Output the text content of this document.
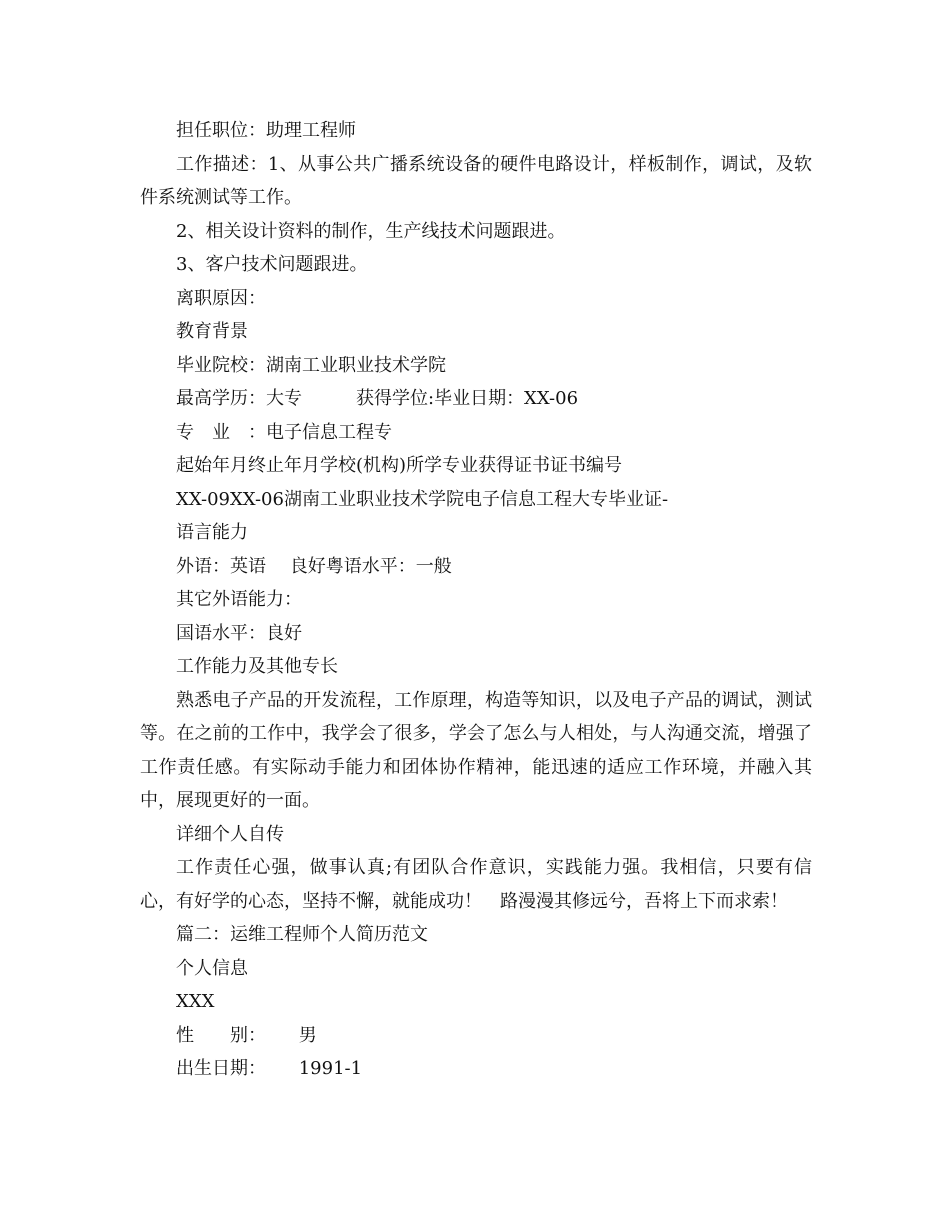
担任职位：助理工程师

工作描述：1、从事公共广播系统设备的硬件电路设计，样板制作，调试，及软件系统测试等工作。

2、相关设计资料的制作，生产线技术问题跟进。

3、客户技术问题跟进。

离职原因：

教育背景

毕业院校：湖南工业职业技术学院

最高学历：大专　　　获得学位:毕业日期：XX-06

专　业　：电子信息工程专

起始年月终止年月学校(机构)所学专业获得证书证书编号

XX-09XX-06湖南工业职业技术学院电子信息工程大专毕业证-

语言能力

外语：英语　 良好粤语水平：一般

其它外语能力：

国语水平：良好

工作能力及其他专长

熟悉电子产品的开发流程，工作原理，构造等知识，以及电子产品的调试，测试等。在之前的工作中，我学会了很多，学会了怎么与人相处，与人沟通交流，增强了工作责任感。有实际动手能力和团体协作精神，能迅速的适应工作环境，并融入其中，展现更好的一面。

详细个人自传

工作责任心强，做事认真;有团队合作意识，实践能力强。我相信，只要有信心，有好学的心态，坚持不懈，就能成功！　路漫漫其修远兮，吾将上下而求索！

篇二：运维工程师个人简历范文

个人信息

XXX

性　　别：　　 男

出生日期：　　 1991-1
